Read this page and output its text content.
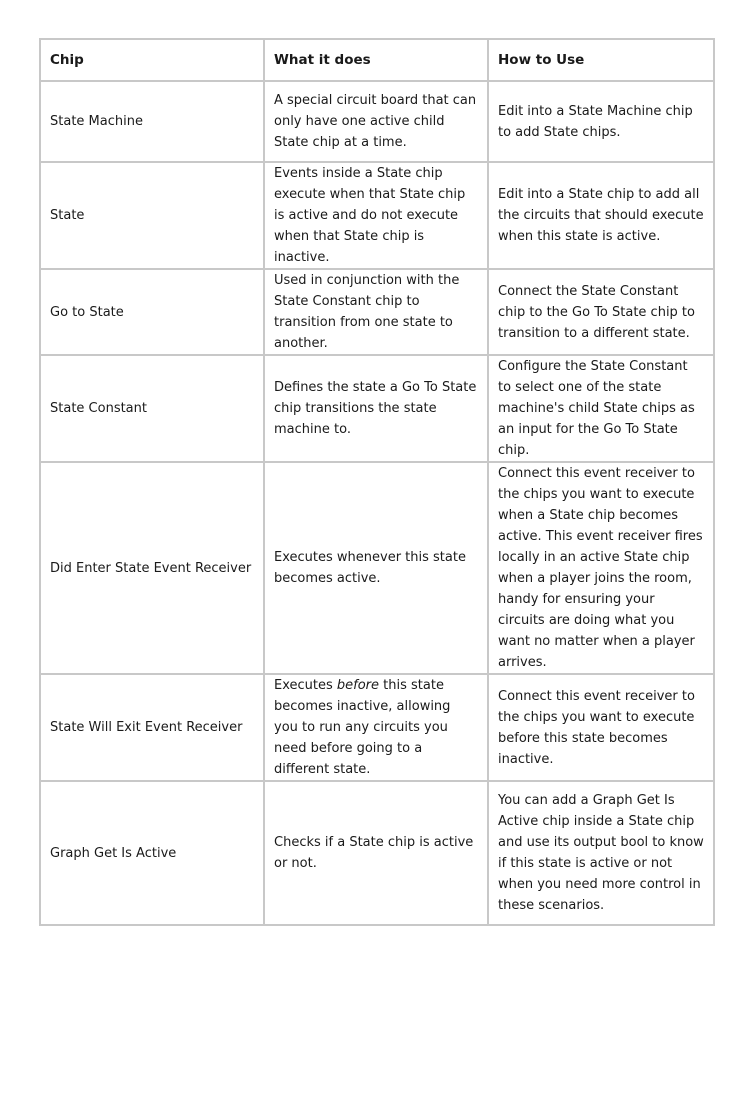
Chip	What it does	How to Use
State Machine	A special circuit board that can only have one active child State chip at a time.	Edit into a State Machine chip to add State chips.
State	Events inside a State chip execute when that State chip is active and do not execute when that State chip is inactive.	Edit into a State chip to add all the circuits that should execute when this state is active.
Go to State	Used in conjunction with the State Constant chip to transition from one state to another.	Connect the State Constant chip to the Go To State chip to transition to a different state.
State Constant	Defines the state a Go To State chip transitions the state machine to.	Configure the State Constant to select one of the state machine's child State chips as an input for the Go To State chip.
Did Enter State Event Receiver	Executes whenever this state becomes active.	Connect this event receiver to the chips you want to execute when a State chip becomes active. This event receiver fires locally in an active State chip when a player joins the room, handy for ensuring your circuits are doing what you want no matter when a player arrives.
State Will Exit Event Receiver	Executes before this state becomes inactive, allowing you to run any circuits you need before going to a different state.	Connect this event receiver to the chips you want to execute before this state becomes inactive.
Graph Get Is Active	Checks if a State chip is active or not.	You can add a Graph Get Is Active chip inside a State chip and use its output bool to know if this state is active or not when you need more control in these scenarios.
